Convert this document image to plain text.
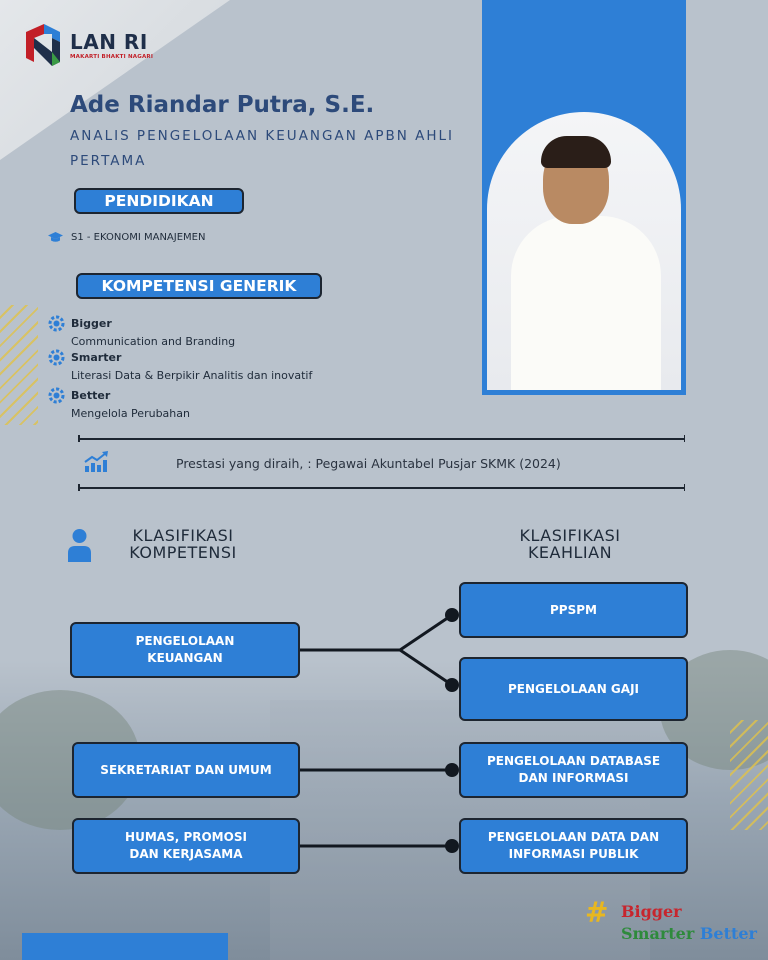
LAN RI
MAKARTI BHAKTI NAGARI
Ade Riandar Putra, S.E.
ANALIS PENGELOLAAN KEUANGAN APBN AHLI PERTAMA
PENDIDIKAN
S1 - EKONOMI MANAJEMEN
KOMPETENSI GENERIK
Bigger
Communication and Branding
Smarter
Literasi Data & Berpikir Analitis dan inovatif
Better
Mengelola Perubahan
Prestasi yang diraih, : Pegawai Akuntabel Pusjar SKMK (2024)
KLASIFIKASI
KOMPETENSI
KLASIFIKASI
KEAHLIAN
PENGELOLAAN
KEUANGAN
SEKRETARIAT DAN UMUM
HUMAS, PROMOSI
DAN KERJASAMA
PPSPM
PENGELOLAAN GAJI
PENGELOLAAN DATABASE
DAN INFORMASI
PENGELOLAAN DATA DAN
INFORMASI PUBLIK
# Bigger
Smarter Better
